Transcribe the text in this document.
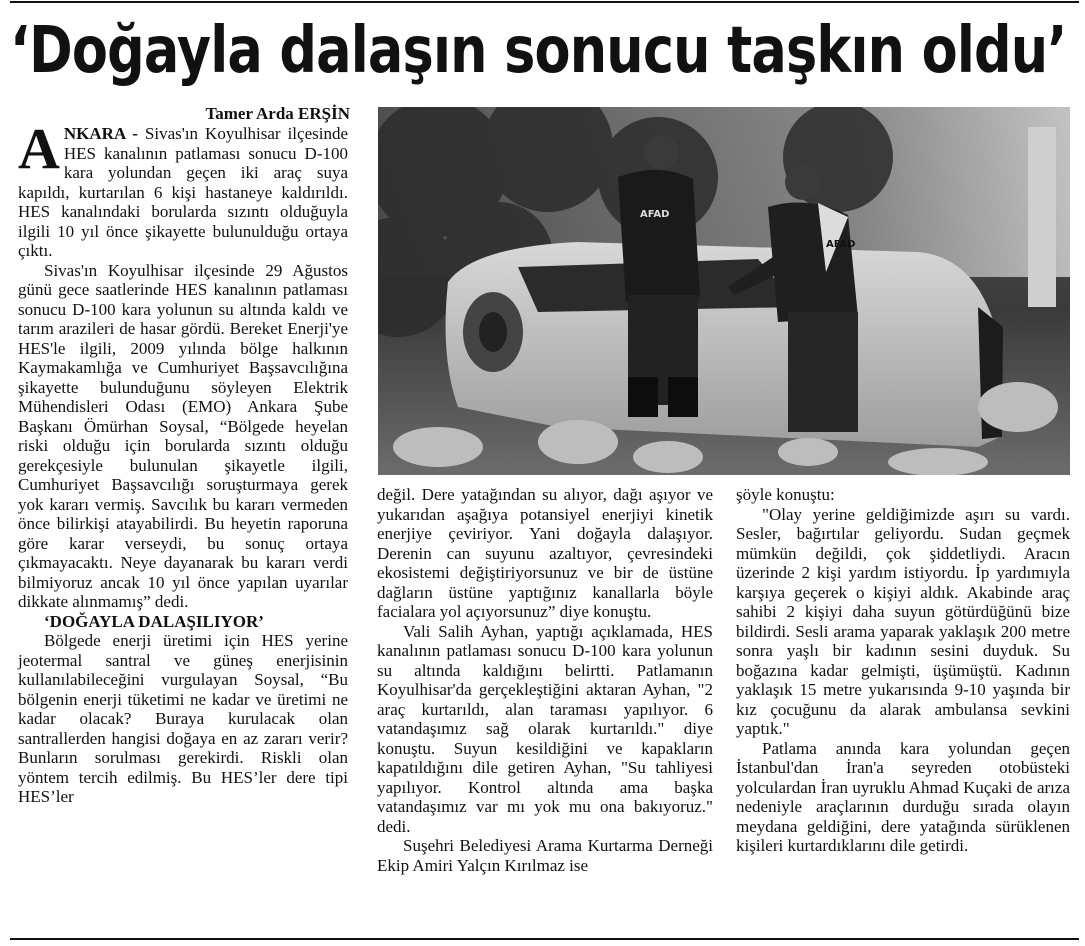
‘Doğayla dalaşın sonucu taşkın oldu’
Tamer Arda ERŞİN
AFAD
AFAD

ANKARA - Sivas'ın Koyulhisar ilçesinde HES kanalının patlaması sonucu D-100 kara yolundan geçen iki araç suya kapıldı, kurtarılan 6 kişi hastaneye kaldırıldı. HES kanalındaki borularda sızıntı olduğuyla ilgili 10 yıl önce şikayette bulunulduğu ortaya çıktı.

Sivas'ın Koyulhisar ilçesinde 29 Ağustos günü gece saatlerinde HES kanalının patlaması sonucu D-100 kara yolunun su altında kaldı ve tarım arazileri de hasar gördü. Bereket Enerji'ye HES'le ilgili, 2009 yılında bölge halkının Kaymakamlığa ve Cumhuriyet Başsavcılığına şikayette bulunduğunu söyleyen Elektrik Mühendisleri Odası (EMO) Ankara Şube Başkanı Ömürhan Soysal, “Bölgede heyelan riski olduğu için borularda sızıntı olduğu gerekçesiyle bulunulan şikayetle ilgili, Cumhuriyet Başsavcılığı soruşturmaya gerek yok kararı vermiş. Savcılık bu kararı vermeden önce bilirkişi atayabilirdi. Bu heyetin raporuna göre karar verseydi, bu sonuç ortaya çıkmayacaktı. Neye dayanarak bu kararı verdi bilmiyoruz ancak 10 yıl önce yapılan uyarılar dikkate alınmamış” dedi.

‘DOĞAYLA DALAŞILIYOR’

Bölgede enerji üretimi için HES yerine jeotermal santral ve güneş enerjisinin kullanılabileceğini vurgulayan Soysal, “Bu bölgenin enerji tüketimi ne kadar ve üretimi ne kadar olacak? Buraya kurulacak olan santrallerden hangisi doğaya en az zararı verir? Bunların sorulması gerekirdi. Riskli olan yöntem tercih edilmiş. Bu HES’ler dere tipi HES’ler

değil. Dere yatağından su alıyor, dağı aşıyor ve yukarıdan aşağıya potansiyel enerjiyi kinetik enerjiye çeviriyor. Yani doğayla dalaşıyor. Derenin can suyunu azaltıyor, çevresindeki ekosistemi değiştiriyorsunuz ve bir de üstüne dağların üstüne yaptığınız kanallarla böyle facialara yol açıyorsunuz” diye konuştu.

Vali Salih Ayhan, yaptığı açıklamada, HES kanalının patlaması sonucu D-100 kara yolunun su altında kaldığını belirtti. Patlamanın Koyulhisar'da gerçekleştiğini aktaran Ayhan, "2 araç kurtarıldı, alan taraması yapılıyor. 6 vatandaşımız sağ olarak kurtarıldı." diye konuştu. Suyun kesildiğini ve kapakların kapatıldığını dile getiren Ayhan, "Su tahliyesi yapılıyor. Kontrol altında ama başka vatandaşımız var mı yok mu ona bakıyoruz." dedi.

Suşehri Belediyesi Arama Kurtarma Derneği Ekip Amiri Yalçın Kırılmaz ise

şöyle konuştu:

"Olay yerine geldiğimizde aşırı su vardı. Sesler, bağırtılar geliyordu. Sudan geçmek mümkün değildi, çok şiddetliydi. Aracın üzerinde 2 kişi yardım istiyordu. İp yardımıyla karşıya geçerek o kişiyi aldık. Akabinde araç sahibi 2 kişiyi daha suyun götürdüğünü bize bildirdi. Sesli arama yaparak yaklaşık 200 metre sonra yaşlı bir kadının sesini duyduk. Su boğazına kadar gelmişti, üşümüştü. Kadının yaklaşık 15 metre yukarısında 9-10 yaşında bir kız çocuğunu da alarak ambulansa sevkini yaptık."

Patlama anında kara yolundan geçen İstanbul'dan İran'a seyreden otobüsteki yolculardan İran uyruklu Ahmad Kuçaki de arıza nedeniyle araçlarının durduğu sırada olayın meydana geldiğini, dere yatağında sürüklenen kişileri kurtardıklarını dile getirdi.
